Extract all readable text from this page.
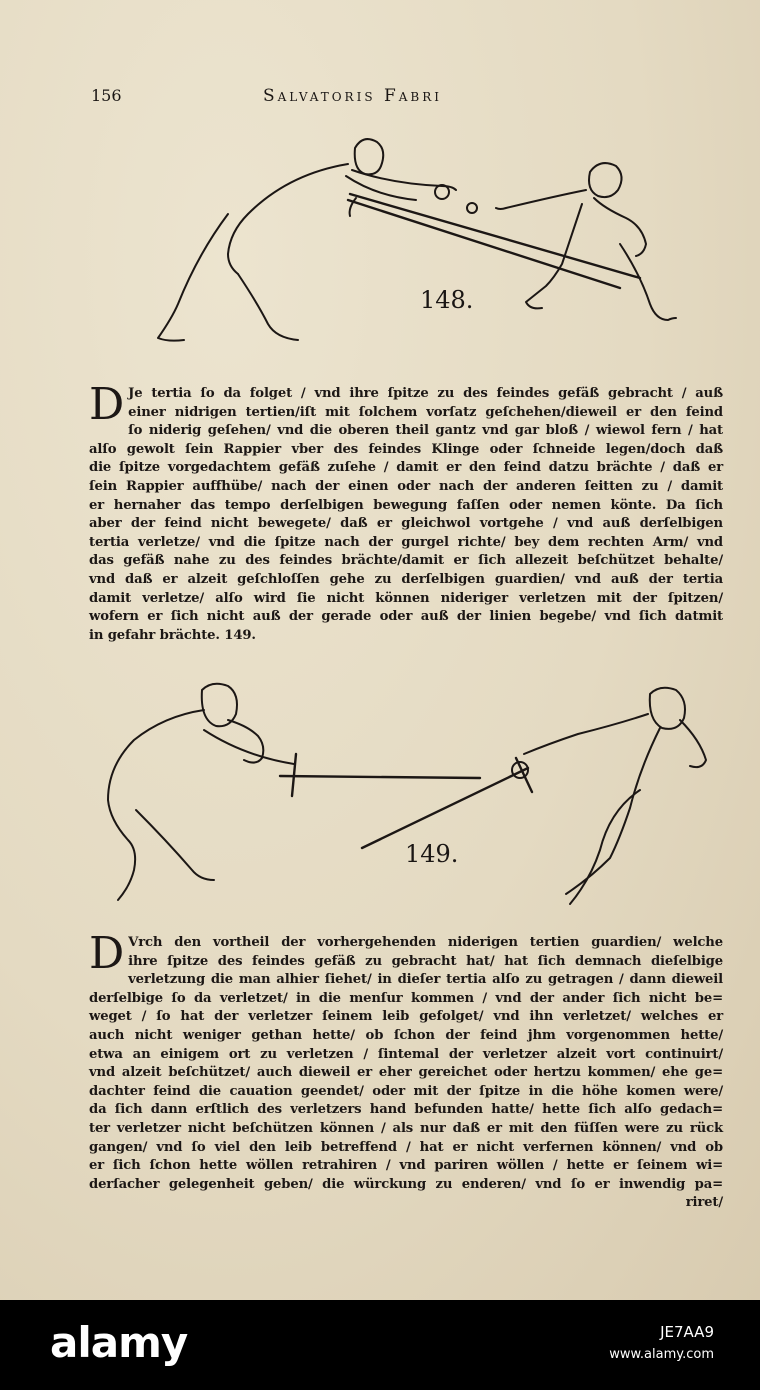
156	Salvatoris Fabri
148.
D Je tertia ſo da folget / vnd ihre ſpitze zu des feindes gefäß gebracht / auß
einer nidrigen tertien/iſt mit ſolchem vorſatz geſchehen/dieweil er den feind
ſo niderig geſehen/ vnd die oberen theil gantz vnd gar bloß / wiewol fern / hat
alſo gewolt ſein Rappier vber des feindes Klinge oder ſchneide legen/doch daß
die ſpitze vorgedachtem gefäß zuſehe / damit er den feind datzu brächte / daß er
ſein Rappier auffhübe/ nach der einen oder nach der anderen ſeitten zu / damit
er hernaher das tempo derſelbigen bewegung faſſen oder nemen könte. Da ſich
aber der feind nicht bewegete/ daß er gleichwol vortgehe / vnd auß derſelbigen
tertia verletze/ vnd die ſpitze nach der gurgel richte/ bey dem rechten Arm/ vnd
das gefäß nahe zu des feindes brächte/damit er ſich allezeit beſchützet behalte/
vnd daß er alzeit geſchloſſen gehe zu derſelbigen guardien/ vnd auß der tertia
damit verletze/ alſo wird ſie nicht können nideriger verletzen mit der ſpitzen/
wofern er ſich nicht auß der gerade oder auß der linien begebe/ vnd ſich datmit
in gefahr brächte. 149.
149.
D Vrch den vortheil der vorhergehenden niderigen tertien guardien/ welche
ihre ſpitze des feindes gefäß zu gebracht hat/ hat ſich demnach dieſelbige
verletzung die man alhier ſiehet/ in dieſer tertia alſo zu getragen / dann dieweil
derſelbige ſo da verletzet/ in die menſur kommen / vnd der ander ſich nicht be=
weget / ſo hat der verletzer ſeinem leib gefolget/ vnd ihn verletzet/ welches er
auch nicht weniger gethan hette/ ob ſchon der feind jhm vorgenommen hette/
etwa an einigem ort zu verletzen / ſintemal der verletzer alzeit vort continuirt/
vnd alzeit beſchützet/ auch dieweil er eher gereichet oder hertzu kommen/ ehe ge=
dachter feind die cauation geendet/ oder mit der ſpitze in die höhe komen were/
da ſich dann erſtlich des verletzers hand befunden hatte/ hette ſich alſo gedach=
ter verletzer nicht beſchützen können / als nur daß er mit den füſſen were zu rück
gangen/ vnd ſo viel den leib betreffend / hat er nicht verfernen können/ vnd ob
er ſich ſchon hette wöllen retrahiren / vnd pariren wöllen / hette er ſeinem wi=
derſacher gelegenheit geben/ die würckung zu enderen/ vnd ſo er inwendig pa=
riret/
alamy	JE7AA9
www.alamy.com
